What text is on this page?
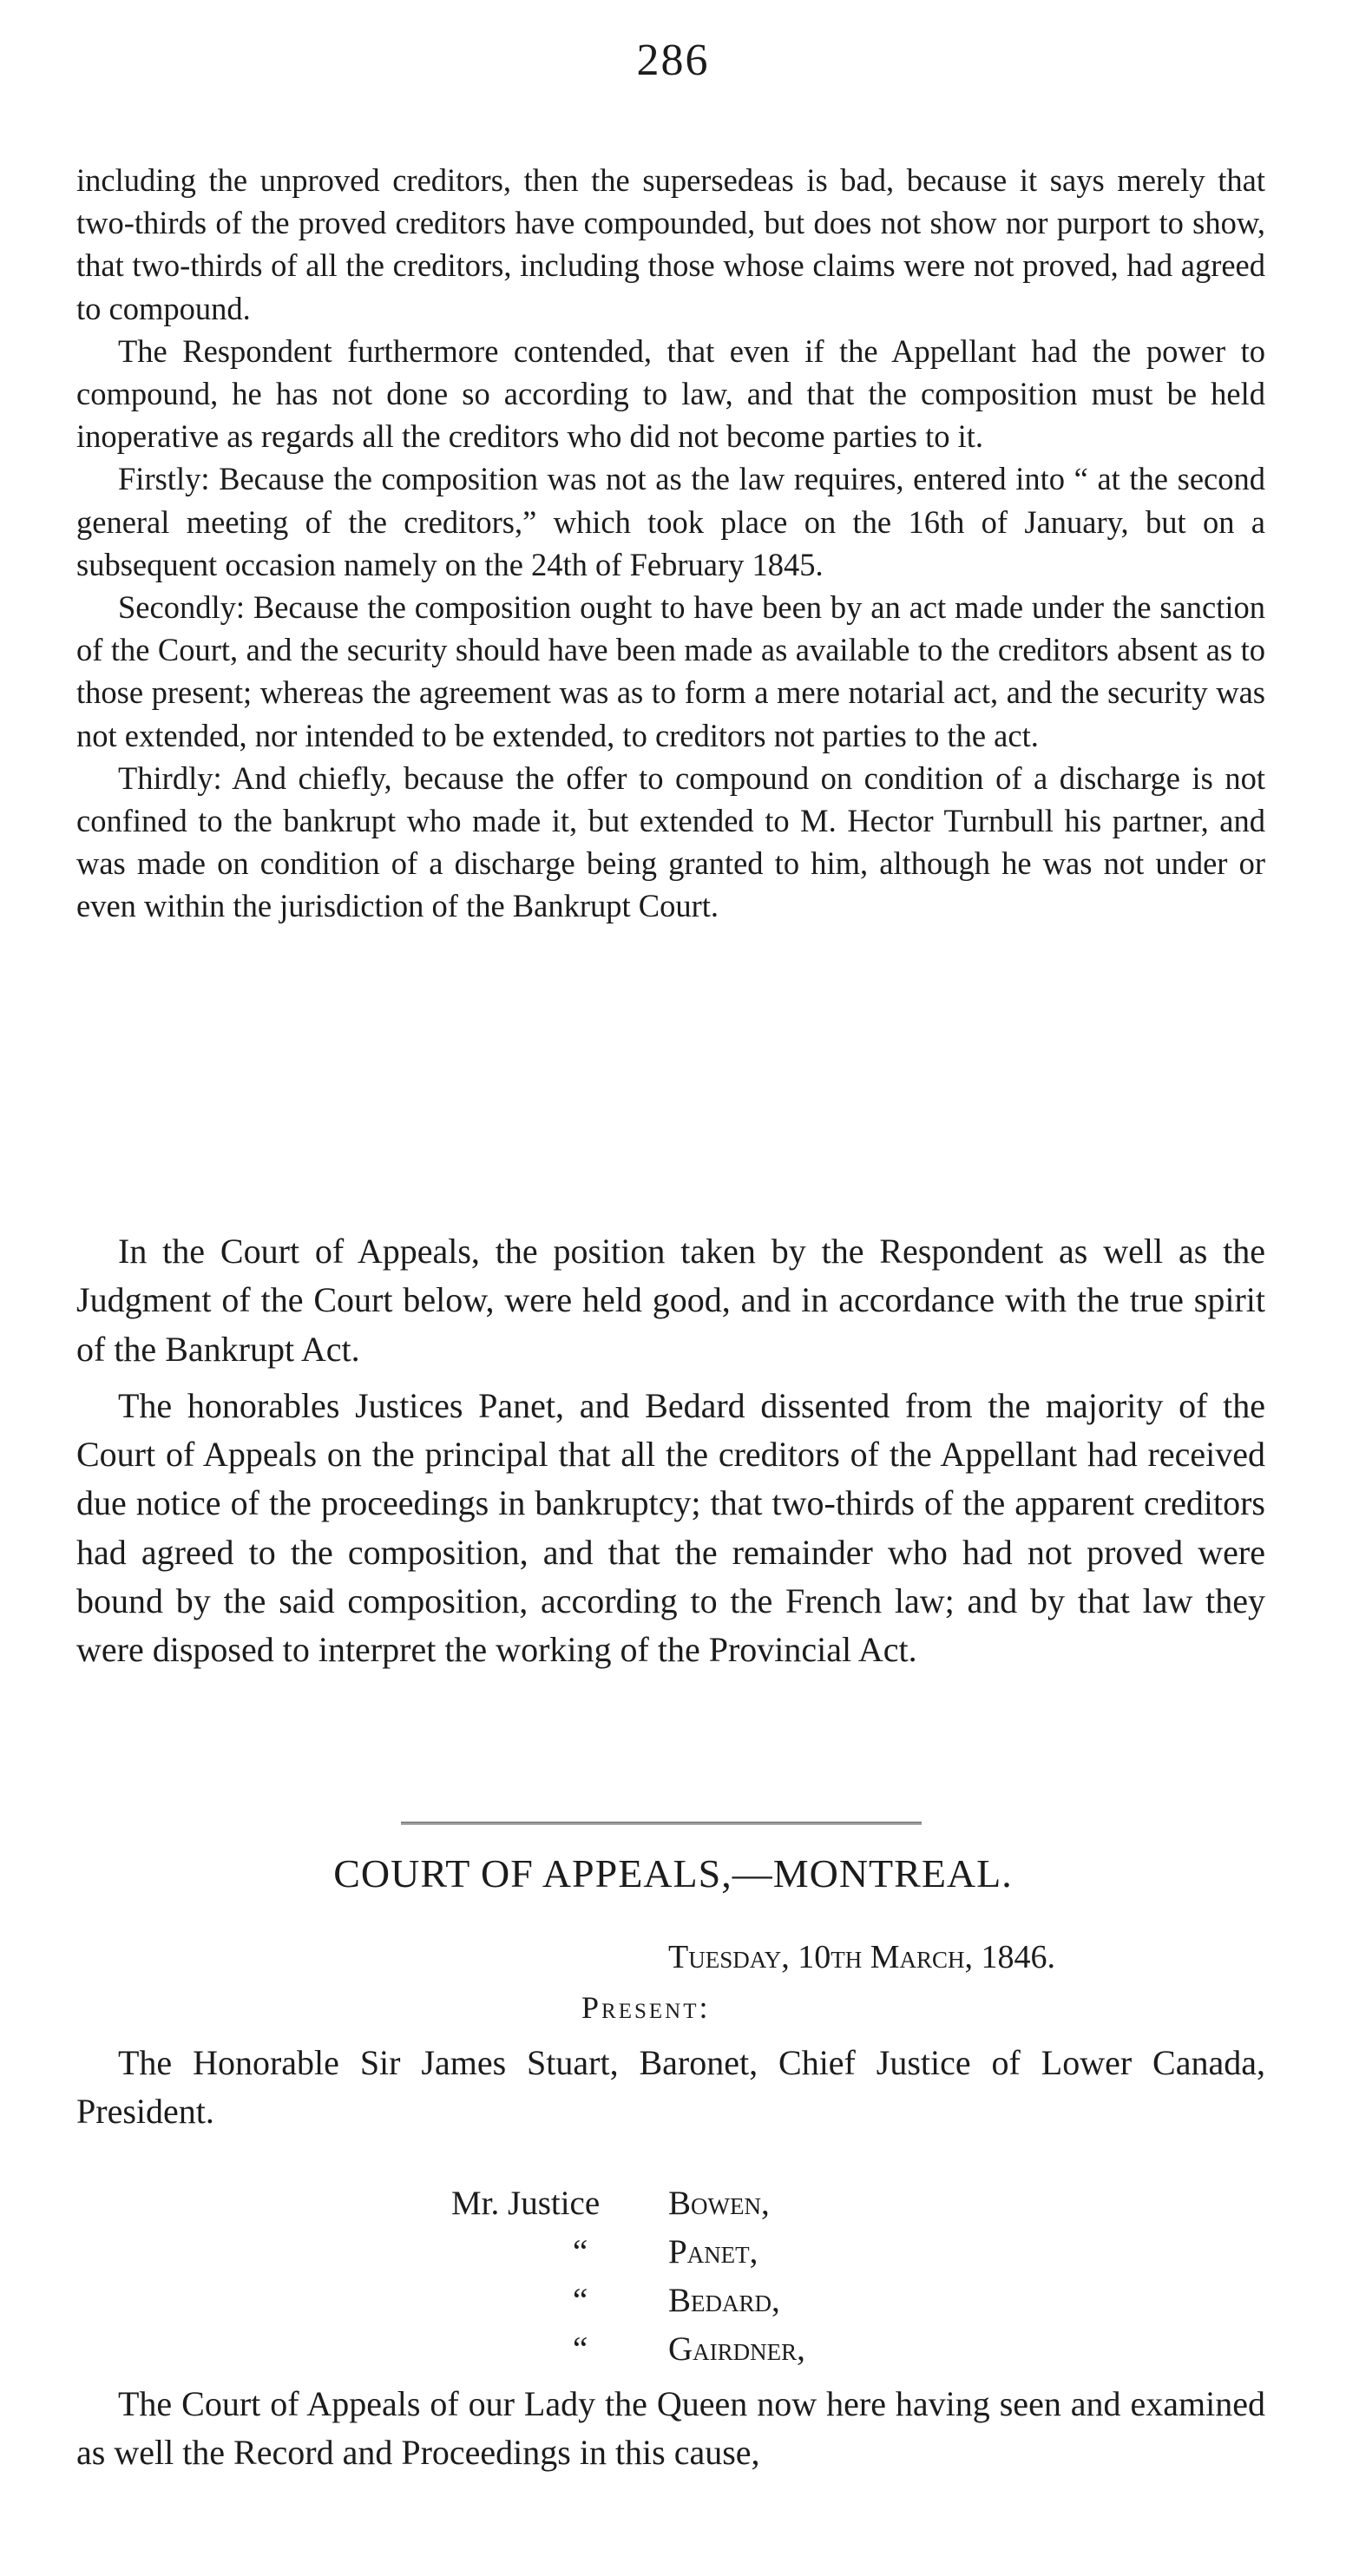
286

including the unproved creditors, then the supersedeas is bad, because it says merely that two-thirds of the proved creditors have compounded, but does not show nor purport to show, that two-thirds of all the creditors, including those whose claims were not proved, had agreed to compound.

The Respondent furthermore contended, that even if the Appellant had the power to compound, he has not done so according to law, and that the composition must be held inoperative as regards all the creditors who did not become parties to it.

Firstly: Because the composition was not as the law requires, entered into “ at the second general meeting of the creditors,” which took place on the 16th of January, but on a subsequent occasion namely on the 24th of February 1845.

Secondly: Because the composition ought to have been by an act made under the sanction of the Court, and the security should have been made as available to the creditors absent as to those present; whereas the agreement was as to form a mere notarial act, and the security was not extended, nor intended to be extended, to creditors not parties to the act.

Thirdly: And chiefly, because the offer to compound on condition of a discharge is not confined to the bankrupt who made it, but extended to M. Hector Turnbull his partner, and was made on condition of a discharge being granted to him, although he was not under or even within the jurisdiction of the Bankrupt Court.

In the Court of Appeals, the position taken by the Respondent as well as the Judgment of the Court below, were held good, and in accordance with the true spirit of the Bankrupt Act.

The honorables Justices Panet, and Bedard dissented from the majority of the Court of Appeals on the principal that all the creditors of the Appellant had received due notice of the proceedings in bankruptcy; that two-thirds of the apparent creditors had agreed to the composition, and that the remainder who had not proved were bound by the said composition, according to the French law; and by that law they were disposed to interpret the working of the Provincial Act.

COURT OF APPEALS,—MONTREAL.
Tuesday, 10th March, 1846.
Present:

The Honorable Sir James Stuart, Baronet, Chief Justice of Lower Canada, President.

Mr. Justice Bowen,
“ Panet,
“ Bedard,
“ Gairdner,

The Court of Appeals of our Lady the Queen now here having seen and examined as well the Record and Proceedings in this cause,
